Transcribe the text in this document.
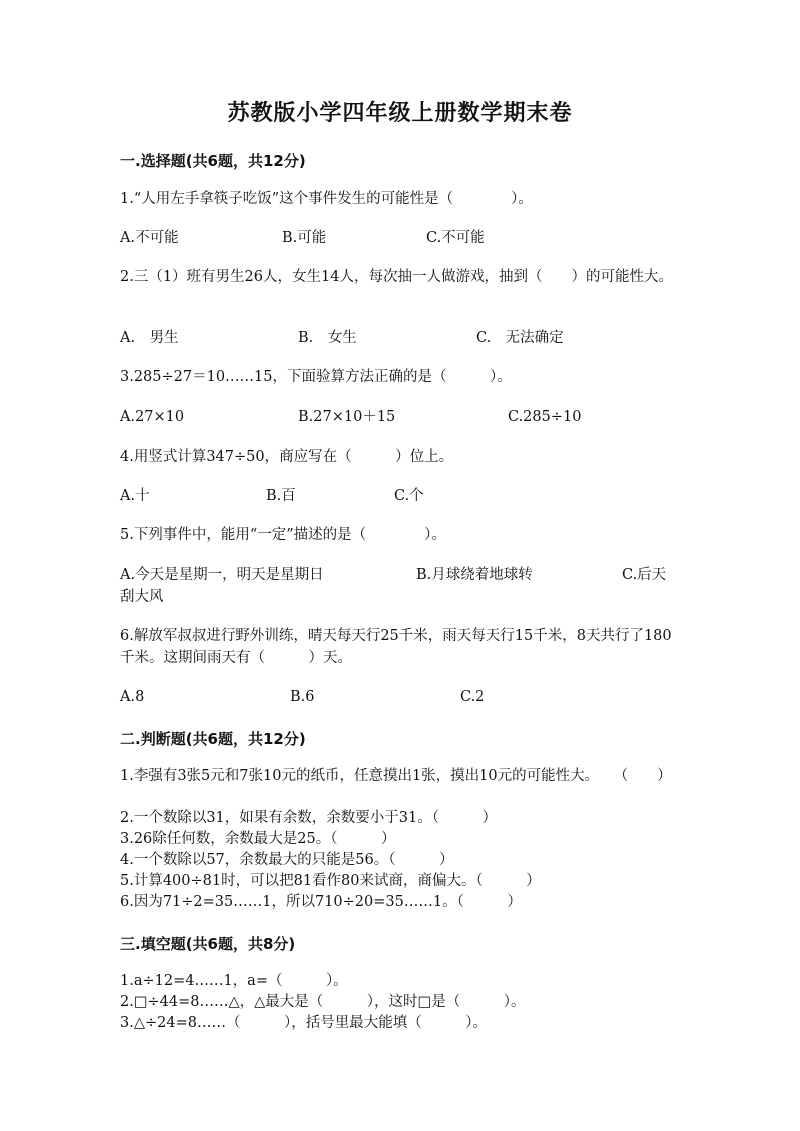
苏教版小学四年级上册数学期末卷
一.选择题(共6题，共12分)
1.“人用左手拿筷子吃饭”这个事件发生的可能性是（　　　　）。
A.不可能	B.可能	C.不可能
2.三（1）班有男生26人，女生14人，每次抽一人做游戏，抽到（　　）的可能性大。
A.　男生	B.　女生	C.　无法确定
3.285÷27＝10……15，下面验算方法正确的是（　　　）。
A.27×10	B.27×10＋15	C.285÷10
4.用竖式计算347÷50，商应写在（　　　）位上。
A.十	B.百	C.个
5.下列事件中，能用“一定”描述的是（　　　　）。
A.今天是星期一，明天是星期日	B.月球绕着地球转	C.后天
刮大风
6.解放军叔叔进行野外训练，晴天每天行25千米，雨天每天行15千米，8天共行了180千米。这期间雨天有（　　　）天。
A.8	B.6	C.2
二.判断题(共6题，共12分)
1.李强有3张5元和7张10元的纸币，任意摸出1张，摸出10元的可能性大。　　（　　）
2.一个数除以31，如果有余数，余数要小于31。（　　　）
3.26除任何数，余数最大是25。（　　　）
4.一个数除以57，余数最大的只能是56。（　　　）
5.计算400÷81时，可以把81看作80来试商，商偏大。（　　　）
6.因为71÷2=35……1，所以710÷20=35……1。（　　　）
三.填空题(共6题，共8分)
1.a÷12=4……1，a=（　　　）。
2.□÷44=8……△，△最大是（　　　），这时□是（　　　）。
3.△÷24=8……（　　　），括号里最大能填（　　　）。
